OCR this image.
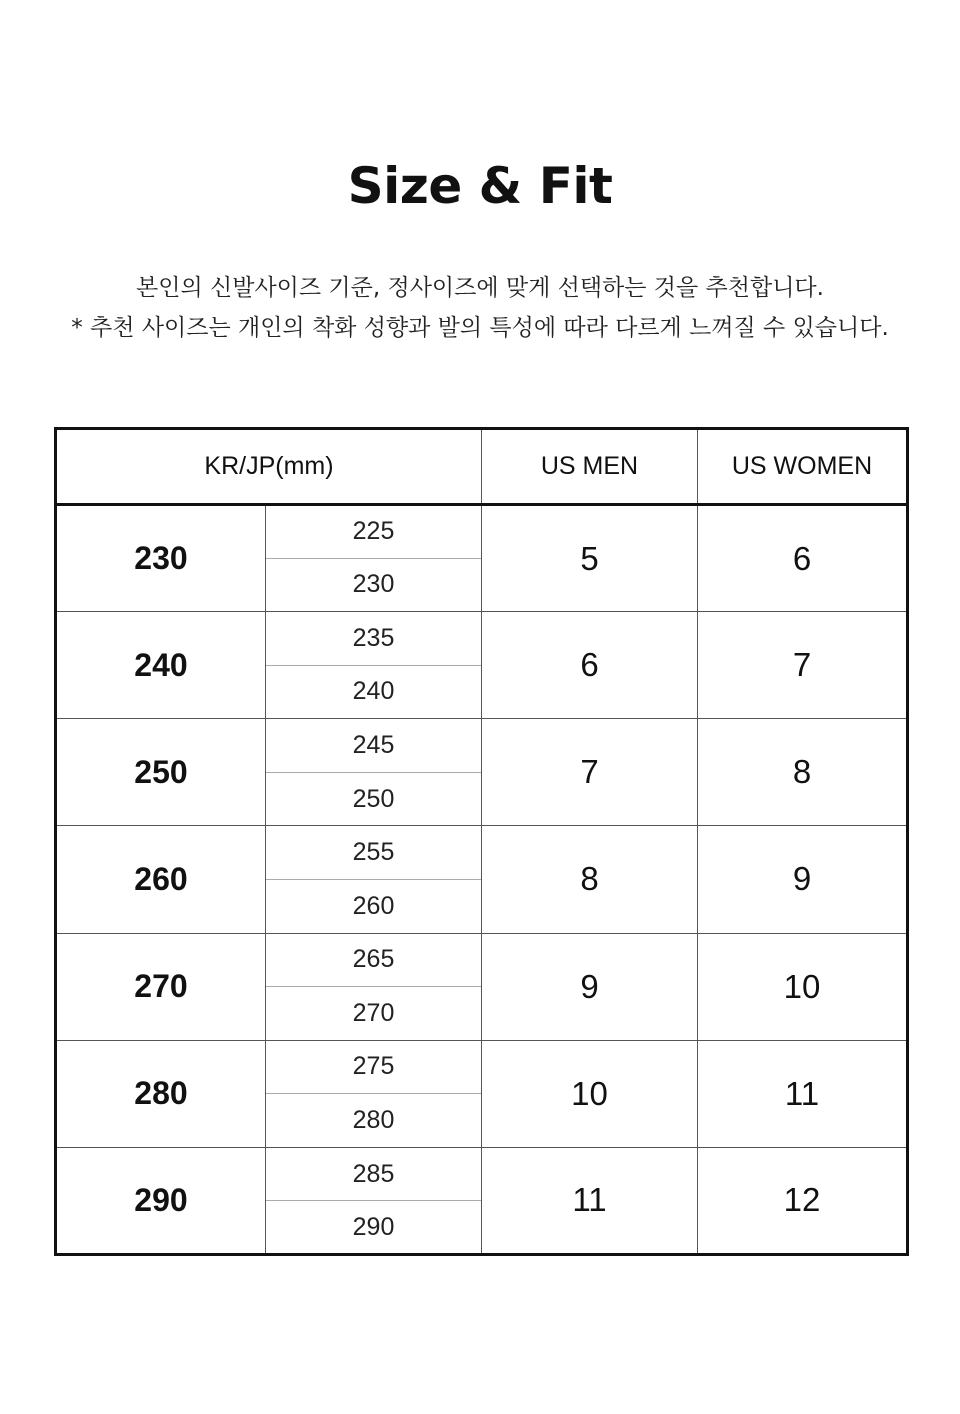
Size & Fit
본인의 신발사이즈 기준, 정사이즈에 맞게 선택하는 것을 추천합니다.
* 추천 사이즈는 개인의 착화 성향과 발의 특성에 따라 다르게 느껴질 수 있습니다.
KR/JP(mm)		US MEN	US WOMEN
230	225	5	6
	230		
240	235	6	7
	240		
250	245	7	8
	250		
260	255	8	9
	260		
270	265	9	10
	270		
280	275	10	11
	280		
290	285	11	12
	290		
